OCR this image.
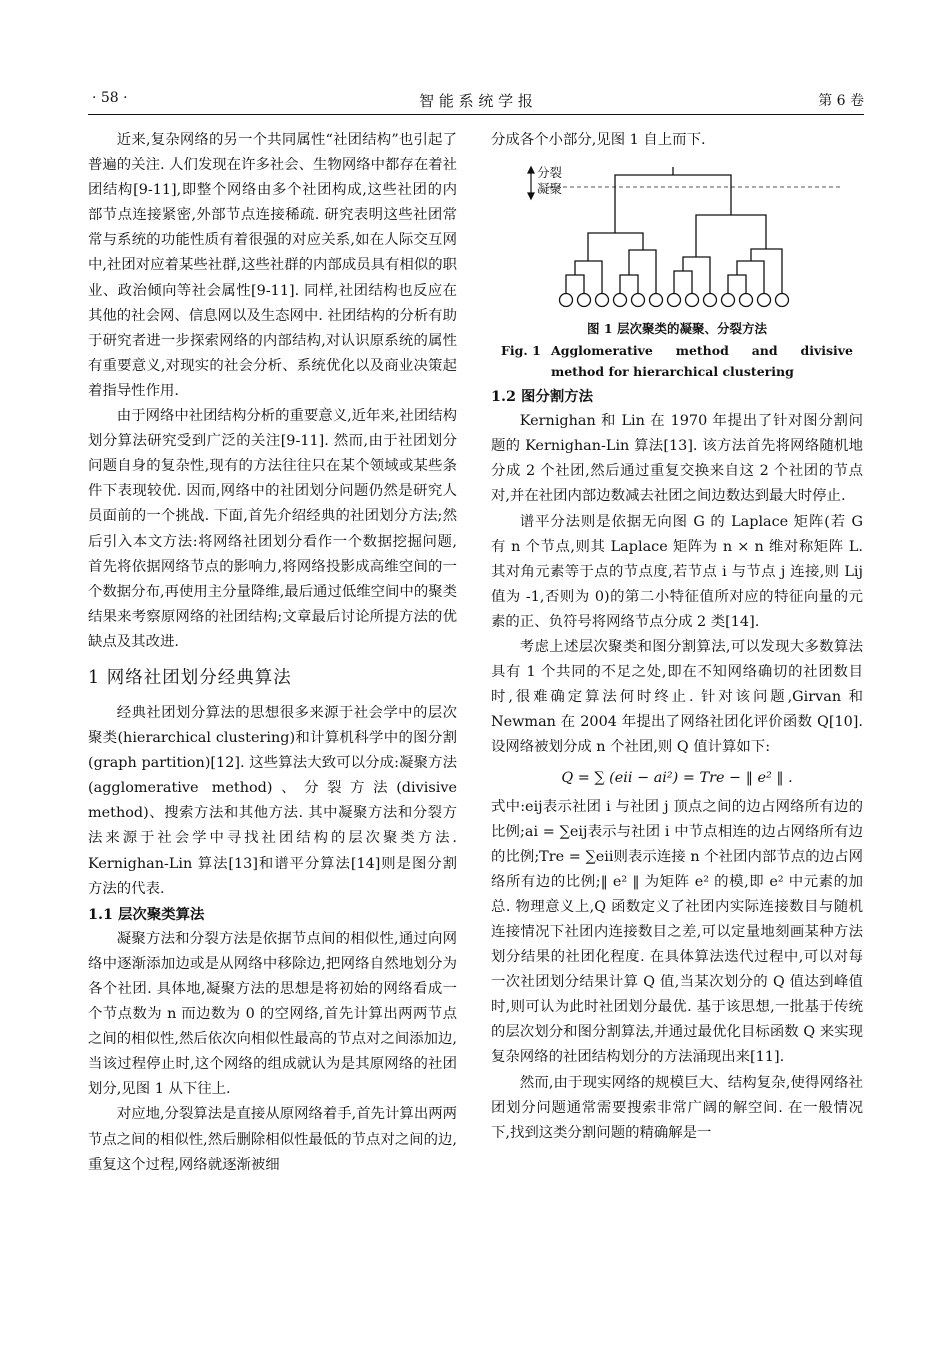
· 58 ·	智 能 系 统 学 报	第 6 卷

近来,复杂网络的另一个共同属性“社团结构”也引起了普遍的关注. 人们发现在许多社会、生物网络中都存在着社团结构[9-11],即整个网络由多个社团构成,这些社团的内部节点连接紧密,外部节点连接稀疏. 研究表明这些社团常常与系统的功能性质有着很强的对应关系,如在人际交互网中,社团对应着某些社群,这些社群的内部成员具有相似的职业、政治倾向等社会属性[9-11]. 同样,社团结构也反应在其他的社会网、信息网以及生态网中. 社团结构的分析有助于研究者进一步探索网络的内部结构,对认识原系统的属性有重要意义,对现实的社会分析、系统优化以及商业决策起着指导性作用.

由于网络中社团结构分析的重要意义,近年来,社团结构划分算法研究受到广泛的关注[9-11]. 然而,由于社团划分问题自身的复杂性,现有的方法往往只在某个领域或某些条件下表现较优. 因而,网络中的社团划分问题仍然是研究人员面前的一个挑战. 下面,首先介绍经典的社团划分方法;然后引入本文方法:将网络社团划分看作一个数据挖掘问题,首先将依据网络节点的影响力,将网络投影成高维空间的一个数据分布,再使用主分量降维,最后通过低维空间中的聚类结果来考察原网络的社团结构;文章最后讨论所提方法的优缺点及其改进.

1 网络社团划分经典算法

经典社团划分算法的思想很多来源于社会学中的层次聚类(hierarchical clustering)和计算机科学中的图分割(graph partition)[12]. 这些算法大致可以分成:凝聚方法(agglomerative method)、分裂方法(divisive method)、搜索方法和其他方法. 其中凝聚方法和分裂方法来源于社会学中寻找社团结构的层次聚类方法. Kernighan-Lin 算法[13]和谱平分算法[14]则是图分割方法的代表.

1.1 层次聚类算法

凝聚方法和分裂方法是依据节点间的相似性,通过向网络中逐渐添加边或是从网络中移除边,把网络自然地划分为各个社团. 具体地,凝聚方法的思想是将初始的网络看成一个节点数为 n 而边数为 0 的空网络,首先计算出两两节点之间的相似性,然后依次向相似性最高的节点对之间添加边,当该过程停止时,这个网络的组成就认为是其原网络的社团划分,见图 1 从下往上.

对应地,分裂算法是直接从原网络着手,首先计算出两两节点之间的相似性,然后删除相似性最低的节点对之间的边,重复这个过程,网络就逐渐被细

分成各个小部分,见图 1 自上而下.

分裂
凝聚
图 1 层次聚类的凝聚、分裂方法
Fig. 1 Agglomerative method and divisive method for hierarchical clustering
1.2 图分割方法

Kernighan 和 Lin 在 1970 年提出了针对图分割问题的 Kernighan-Lin 算法[13]. 该方法首先将网络随机地分成 2 个社团,然后通过重复交换来自这 2 个社团的节点对,并在社团内部边数减去社团之间边数达到最大时停止.

谱平分法则是依据无向图 G 的 Laplace 矩阵(若 G 有 n 个节点,则其 Laplace 矩阵为 n × n 维对称矩阵 L. 其对角元素等于点的节点度,若节点 i 与节点 j 连接,则 Lij 值为 -1,否则为 0)的第二小特征值所对应的特征向量的元素的正、负符号将网络节点分成 2 类[14].

考虑上述层次聚类和图分割算法,可以发现大多数算法具有 1 个共同的不足之处,即在不知网络确切的社团数目时,很难确定算法何时终止. 针对该问题,Girvan 和 Newman 在 2004 年提出了网络社团化评价函数 Q[10]. 设网络被划分成 n 个社团,则 Q 值计算如下:

Q = ∑ (eii − ai²) = Tre − ‖ e² ‖ .

式中:eij表示社团 i 与社团 j 顶点之间的边占网络所有边的比例;ai = ∑eij表示与社团 i 中节点相连的边占网络所有边的比例;Tre = ∑eii则表示连接 n 个社团内部节点的边占网络所有边的比例;‖ e² ‖ 为矩阵 e² 的模,即 e² 中元素的加总. 物理意义上,Q 函数定义了社团内实际连接数目与随机连接情况下社团内连接数目之差,可以定量地刻画某种方法划分结果的社团化程度. 在具体算法迭代过程中,可以对每一次社团划分结果计算 Q 值,当某次划分的 Q 值达到峰值时,则可认为此时社团划分最优. 基于该思想,一批基于传统的层次划分和图分割算法,并通过最优化目标函数 Q 来实现复杂网络的社团结构划分的方法涌现出来[11].

然而,由于现实网络的规模巨大、结构复杂,使得网络社团划分问题通常需要搜索非常广阔的解空间. 在一般情况下,找到这类分割问题的精确解是一
